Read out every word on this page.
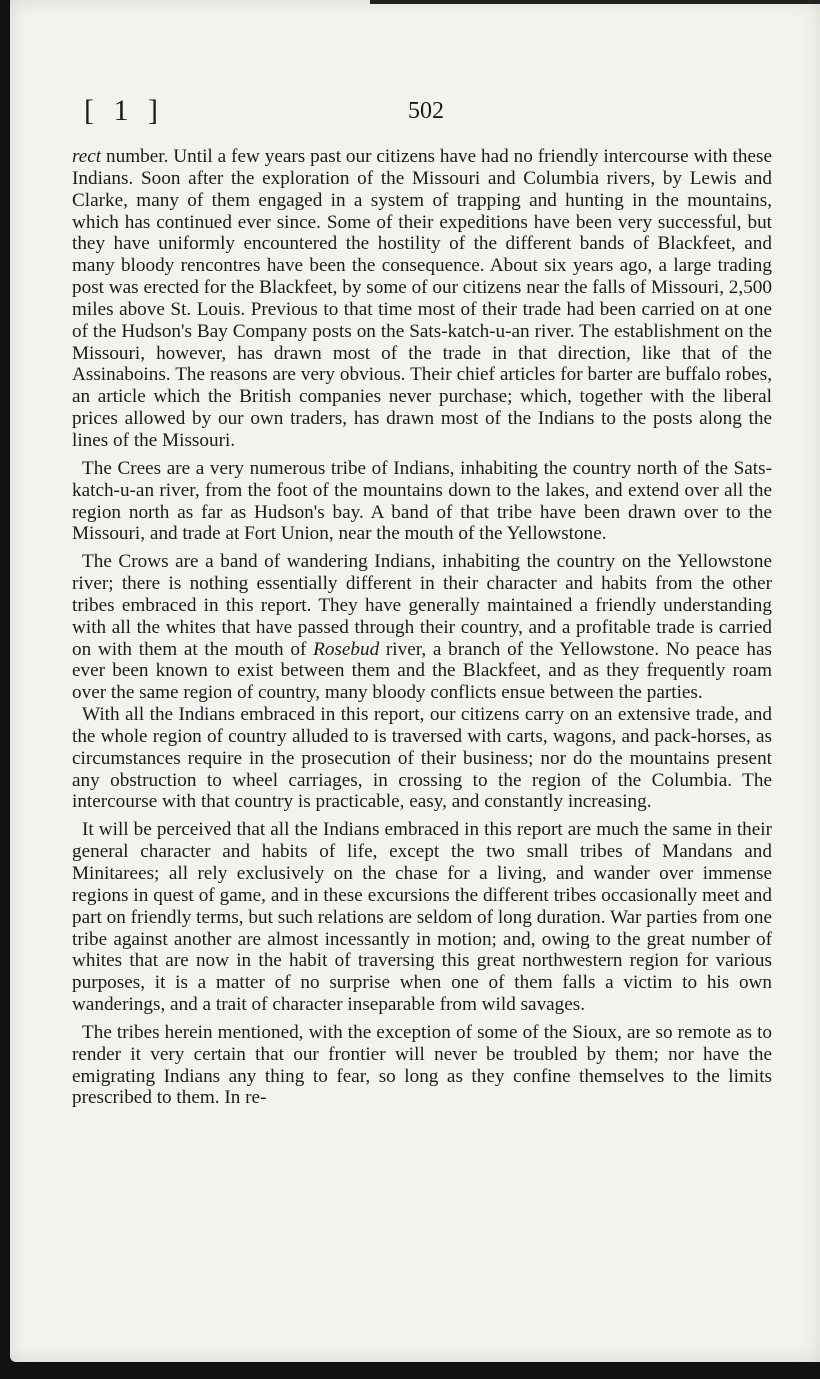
[ 1 ]	502

rect number. Until a few years past our citizens have had no friendly intercourse with these Indians. Soon after the exploration of the Missouri and Columbia rivers, by Lewis and Clarke, many of them engaged in a system of trapping and hunting in the mountains, which has continued ever since. Some of their expeditions have been very successful, but they have uniformly encountered the hostility of the different bands of Blackfeet, and many bloody rencontres have been the consequence. About six years ago, a large trading post was erected for the Blackfeet, by some of our citizens near the falls of Missouri, 2,500 miles above St. Louis. Previous to that time most of their trade had been carried on at one of the Hudson's Bay Company posts on the Sats-katch-u-an river. The establishment on the Missouri, however, has drawn most of the trade in that direction, like that of the Assinaboins. The reasons are very obvious. Their chief articles for barter are buffalo robes, an article which the British companies never purchase; which, together with the liberal prices allowed by our own traders, has drawn most of the Indians to the posts along the lines of the Missouri.

The Crees are a very numerous tribe of Indians, inhabiting the country north of the Sats-katch-u-an river, from the foot of the mountains down to the lakes, and extend over all the region north as far as Hudson's bay. A band of that tribe have been drawn over to the Missouri, and trade at Fort Union, near the mouth of the Yellowstone.

The Crows are a band of wandering Indians, inhabiting the country on the Yellowstone river; there is nothing essentially different in their character and habits from the other tribes embraced in this report. They have generally maintained a friendly understanding with all the whites that have passed through their country, and a profitable trade is carried on with them at the mouth of Rosebud river, a branch of the Yellowstone. No peace has ever been known to exist between them and the Blackfeet, and as they frequently roam over the same region of country, many bloody conflicts ensue between the parties.

With all the Indians embraced in this report, our citizens carry on an extensive trade, and the whole region of country alluded to is traversed with carts, wagons, and pack-horses, as circumstances require in the prosecution of their business; nor do the mountains present any obstruction to wheel carriages, in crossing to the region of the Columbia. The intercourse with that country is practicable, easy, and constantly increasing.

It will be perceived that all the Indians embraced in this report are much the same in their general character and habits of life, except the two small tribes of Mandans and Minitarees; all rely exclusively on the chase for a living, and wander over immense regions in quest of game, and in these excursions the different tribes occasionally meet and part on friendly terms, but such relations are seldom of long duration. War parties from one tribe against another are almost incessantly in motion; and, owing to the great number of whites that are now in the habit of traversing this great northwestern region for various purposes, it is a matter of no surprise when one of them falls a victim to his own wanderings, and a trait of character inseparable from wild savages.

The tribes herein mentioned, with the exception of some of the Sioux, are so remote as to render it very certain that our frontier will never be troubled by them; nor have the emigrating Indians any thing to fear, so long as they confine themselves to the limits prescribed to them. In re-
